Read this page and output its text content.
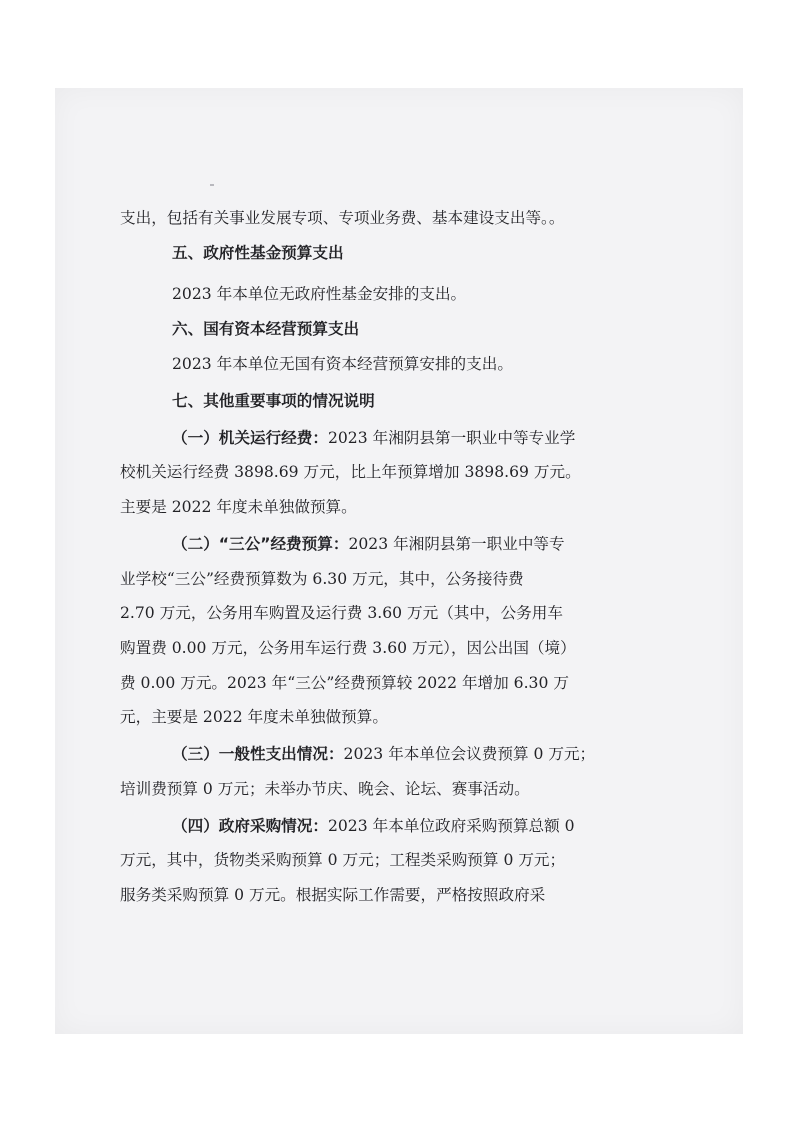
支出，包括有关事业发展专项、专项业务费、基本建设支出等。。
五、政府性基金预算支出
2023 年本单位无政府性基金安排的支出。
六、国有资本经营预算支出
2023 年本单位无国有资本经营预算安排的支出。
七、其他重要事项的情况说明
（一）机关运行经费：2023 年湘阴县第一职业中等专业学
校机关运行经费 3898.69 万元，比上年预算增加 3898.69 万元。
主要是 2022 年度未单独做预算。
（二）“三公”经费预算：2023 年湘阴县第一职业中等专
业学校“三公”经费预算数为 6.30 万元，其中，公务接待费
2.70 万元，公务用车购置及运行费 3.60 万元（其中，公务用车
购置费 0.00 万元，公务用车运行费 3.60 万元），因公出国（境）
费 0.00 万元。2023 年“三公”经费预算较 2022 年增加 6.30 万
元，主要是 2022 年度未单独做预算。
（三）一般性支出情况：2023 年本单位会议费预算 0 万元；
培训费预算 0 万元；未举办节庆、晚会、论坛、赛事活动。
（四）政府采购情况：2023 年本单位政府采购预算总额 0
万元，其中，货物类采购预算 0 万元；工程类采购预算 0 万元；
服务类采购预算 0 万元。根据实际工作需要，严格按照政府采
